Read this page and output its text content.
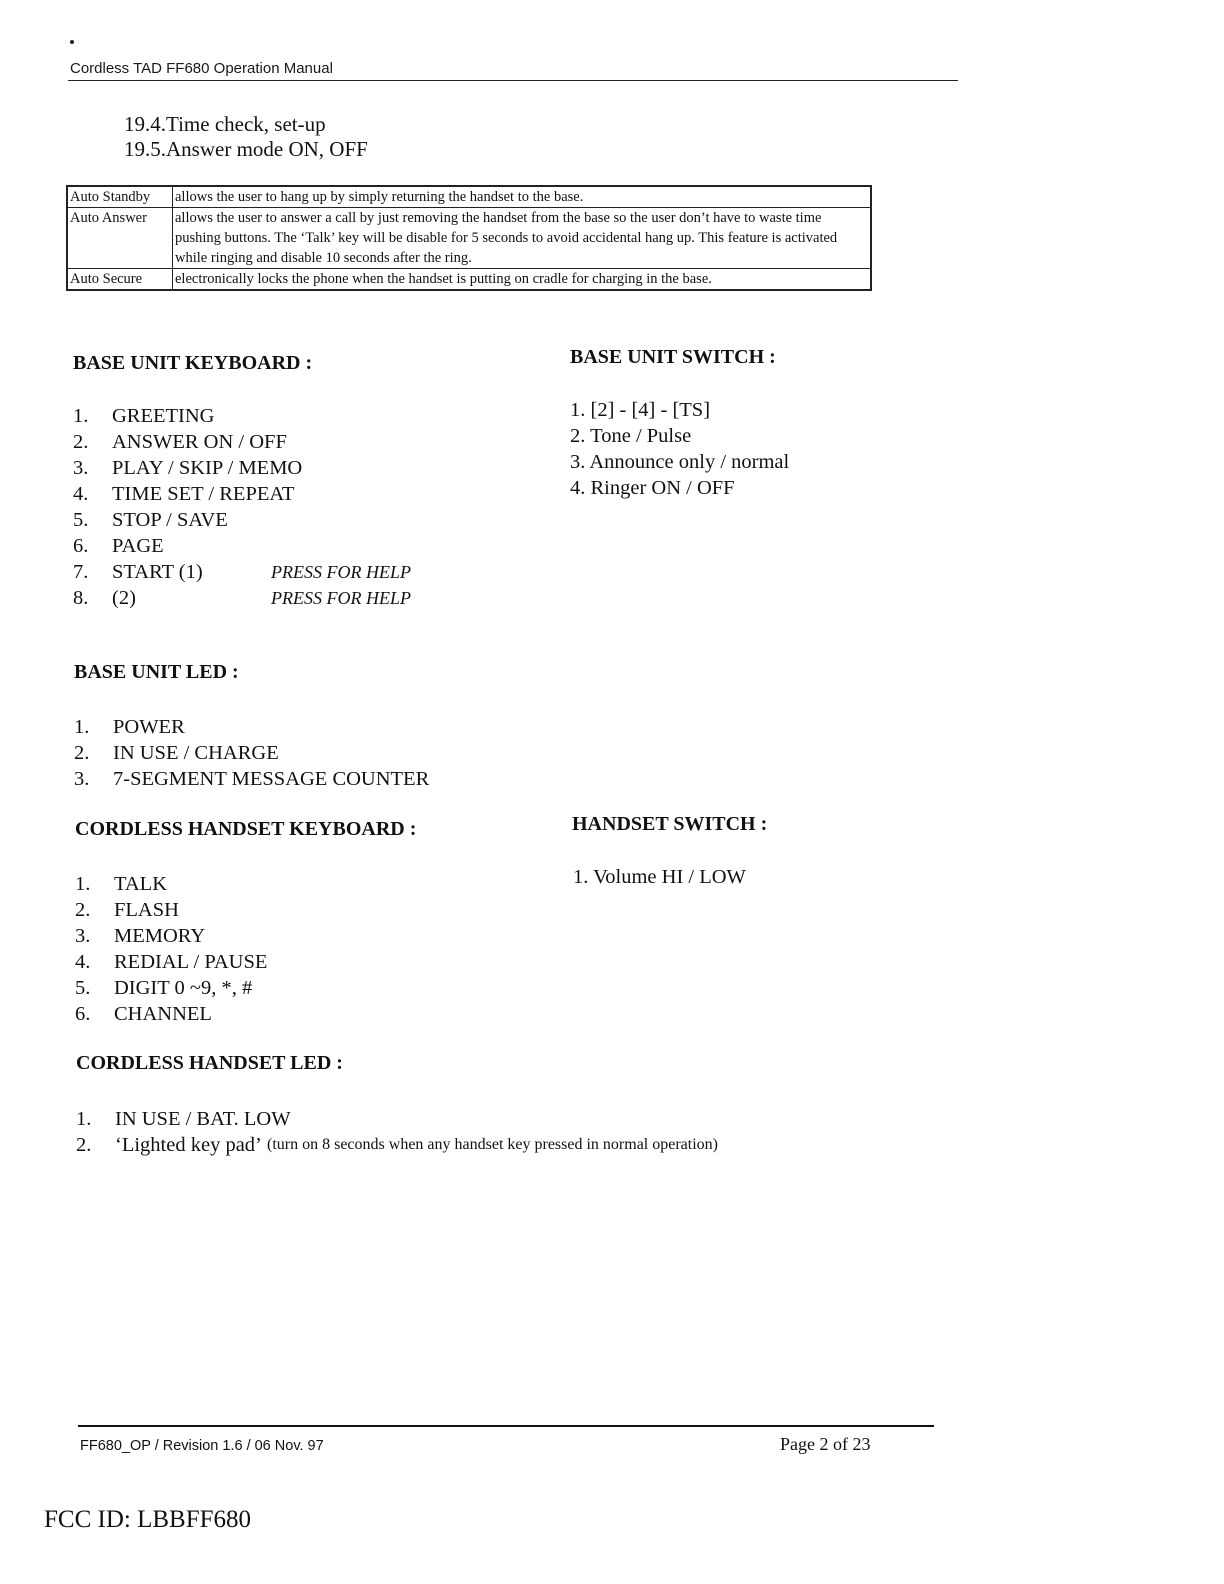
Cordless TAD FF680 Operation Manual
19.4.Time check, set-up
19.5.Answer mode ON, OFF
Auto Standby	allows the user to hang up by simply returning the handset to the base.
Auto Answer	allows the user to answer a call by just removing the handset from the base so the user don’t have to waste time pushing buttons. The ‘Talk’ key will be disable for 5 seconds to avoid accidental hang up. This feature is activated while ringing and disable 10 seconds after the ring.
Auto Secure	electronically locks the phone when the handset is putting on cradle for charging in the base.
BASE UNIT KEYBOARD :
1.	GREETING
2.	ANSWER ON / OFF
3.	PLAY / SKIP / MEMO
4.	TIME SET / REPEAT
5.	STOP / SAVE
6.	PAGE
7.	START (1)	PRESS FOR HELP
8.	(2)	PRESS FOR HELP
BASE UNIT SWITCH :
1. [2] - [4] - [TS]
2. Tone / Pulse
3. Announce only / normal
4. Ringer ON / OFF
BASE UNIT LED :
1.	POWER
2.	IN USE / CHARGE
3.	7-SEGMENT MESSAGE COUNTER
CORDLESS HANDSET KEYBOARD :
1.	TALK
2.	FLASH
3.	MEMORY
4.	REDIAL / PAUSE
5.	DIGIT 0 ~9, *, #
6.	CHANNEL
HANDSET SWITCH :
1. Volume HI / LOW
CORDLESS HANDSET LED :
1.	IN USE / BAT. LOW
2.	‘Lighted key pad’
(turn on 8 seconds when any handset key pressed in normal operation)
FF680_OP / Revision 1.6 / 06 Nov. 97	Page 2 of 23
FCC ID: LBBFF680
